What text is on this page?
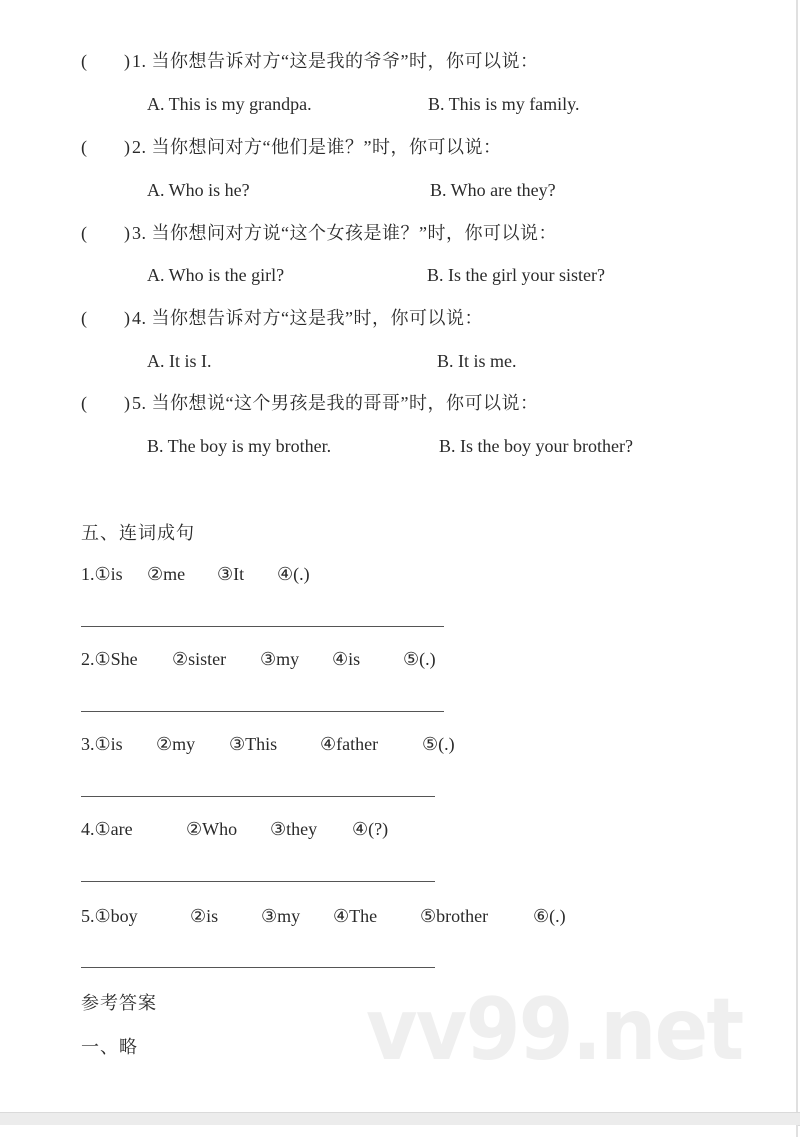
( ) 1. 当你想告诉对方“这是我的爷爷”时，你可以说：
A. This is my grandpa.	B. This is my family.
( ) 2. 当你想问对方“他们是谁？”时，你可以说：
A. Who is he?	B. Who are they?
( ) 3. 当你想问对方说“这个女孩是谁？”时，你可以说：
A. Who is the girl?	B. Is the girl your sister?
( ) 4. 当你想告诉对方“这是我”时，你可以说：
A. It is I.	B. It is me.
( ) 5. 当你想说“这个男孩是我的哥哥”时，你可以说：
B. The boy is my brother.	B. Is the boy your brother?
五、连词成句
1.①is ②me ③It ④(.)
2.①She ②sister ③my ④is ⑤(.)
3.①is ②my ③This ④father ⑤(.)
4.①are	②Who ③they ④(?)
5.①boy	②is ③my ④The ⑤brother ⑥(.)
参考答案
一、略	vv99.net
